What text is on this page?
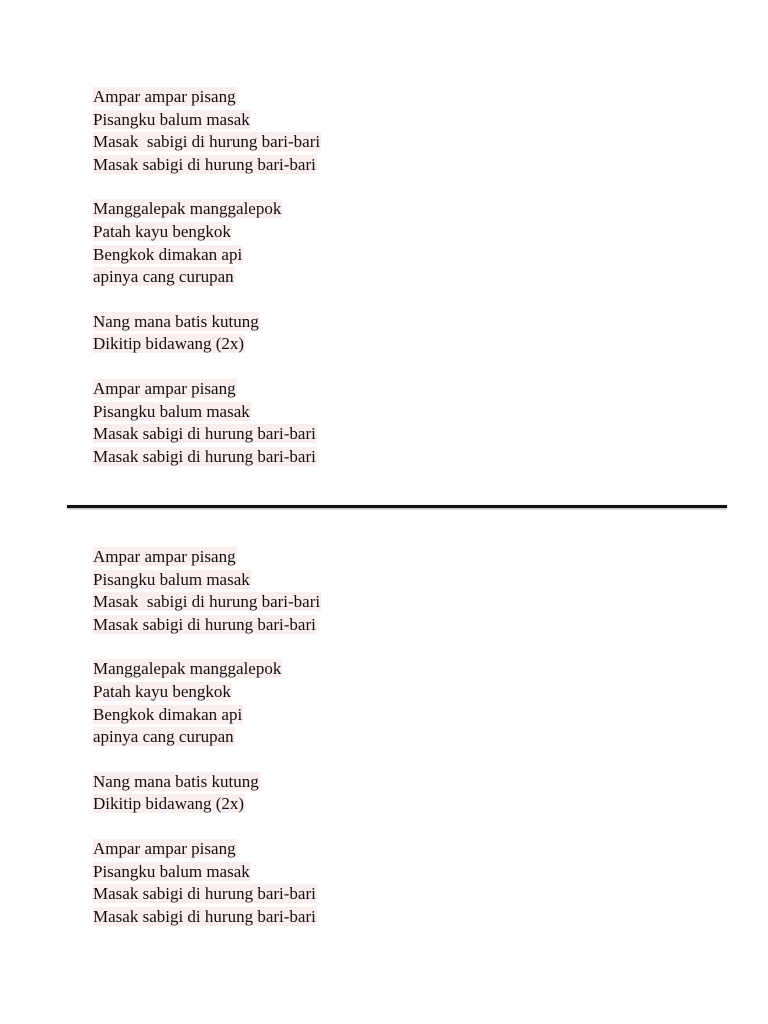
Ampar ampar pisang
Pisangku balum masak
Masak  sabigi di hurung bari-bari
Masak sabigi di hurung bari-bari
Manggalepak manggalepok
Patah kayu bengkok
Bengkok dimakan api
apinya cang curupan
Nang mana batis kutung
Dikitip bidawang (2x)
Ampar ampar pisang
Pisangku balum masak
Masak sabigi di hurung bari-bari
Masak sabigi di hurung bari-bari
Ampar ampar pisang
Pisangku balum masak
Masak  sabigi di hurung bari-bari
Masak sabigi di hurung bari-bari
Manggalepak manggalepok
Patah kayu bengkok
Bengkok dimakan api
apinya cang curupan
Nang mana batis kutung
Dikitip bidawang (2x)
Ampar ampar pisang
Pisangku balum masak
Masak sabigi di hurung bari-bari
Masak sabigi di hurung bari-bari
